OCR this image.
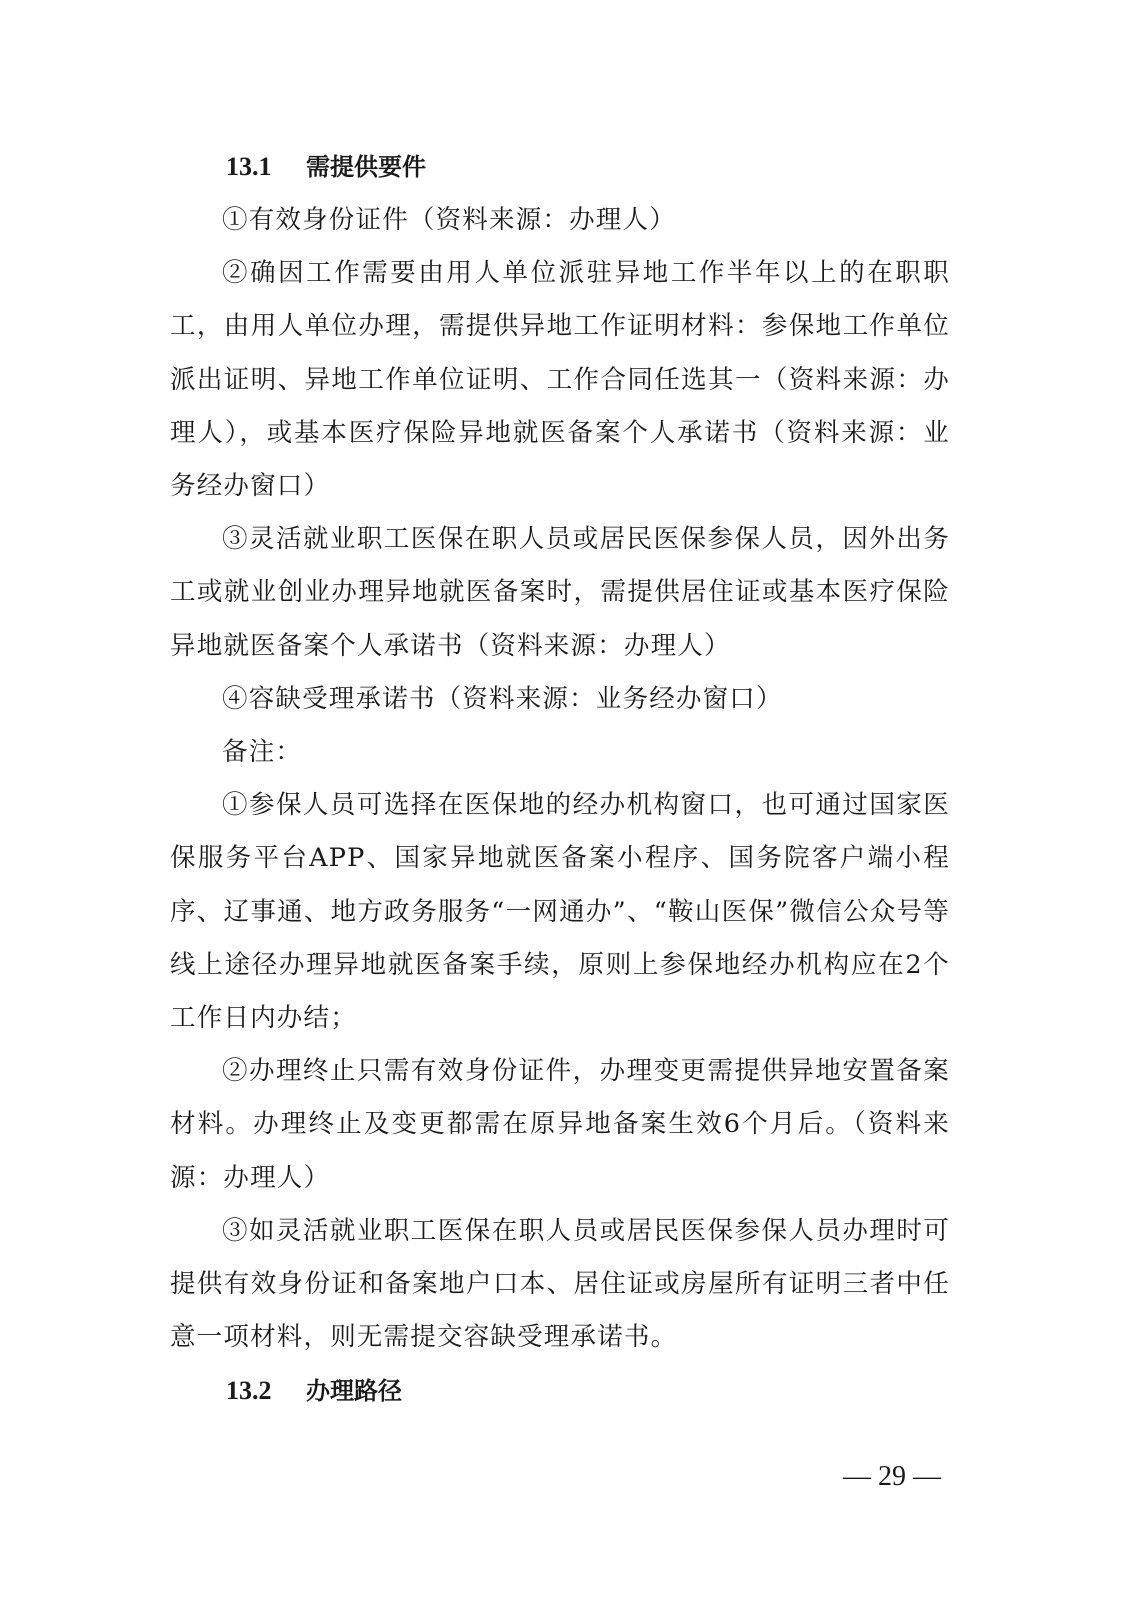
13.1 需提供要件

①有效身份证件（资料来源：办理人）

②确因工作需要由用人单位派驻异地工作半年以上的在职职工，由用人单位办理，需提供异地工作证明材料：参保地工作单位派出证明、异地工作单位证明、工作合同任选其一（资料来源：办理人），或基本医疗保险异地就医备案个人承诺书（资料来源：业务经办窗口）

③灵活就业职工医保在职人员或居民医保参保人员，因外出务工或就业创业办理异地就医备案时，需提供居住证或基本医疗保险异地就医备案个人承诺书（资料来源：办理人）

④容缺受理承诺书（资料来源：业务经办窗口）

备注：

①参保人员可选择在医保地的经办机构窗口，也可通过国家医保服务平台APP、国家异地就医备案小程序、国务院客户端小程序、辽事通、地方政务服务“一网通办”、“鞍山医保”微信公众号等线上途径办理异地就医备案手续，原则上参保地经办机构应在2个工作日内办结；

②办理终止只需有效身份证件，办理变更需提供异地安置备案材料。办理终止及变更都需在原异地备案生效6个月后。（资料来源：办理人）

③如灵活就业职工医保在职人员或居民医保参保人员办理时可提供有效身份证和备案地户口本、居住证或房屋所有证明三者中任意一项材料，则无需提交容缺受理承诺书。

13.2 办理路径
— 29 —
